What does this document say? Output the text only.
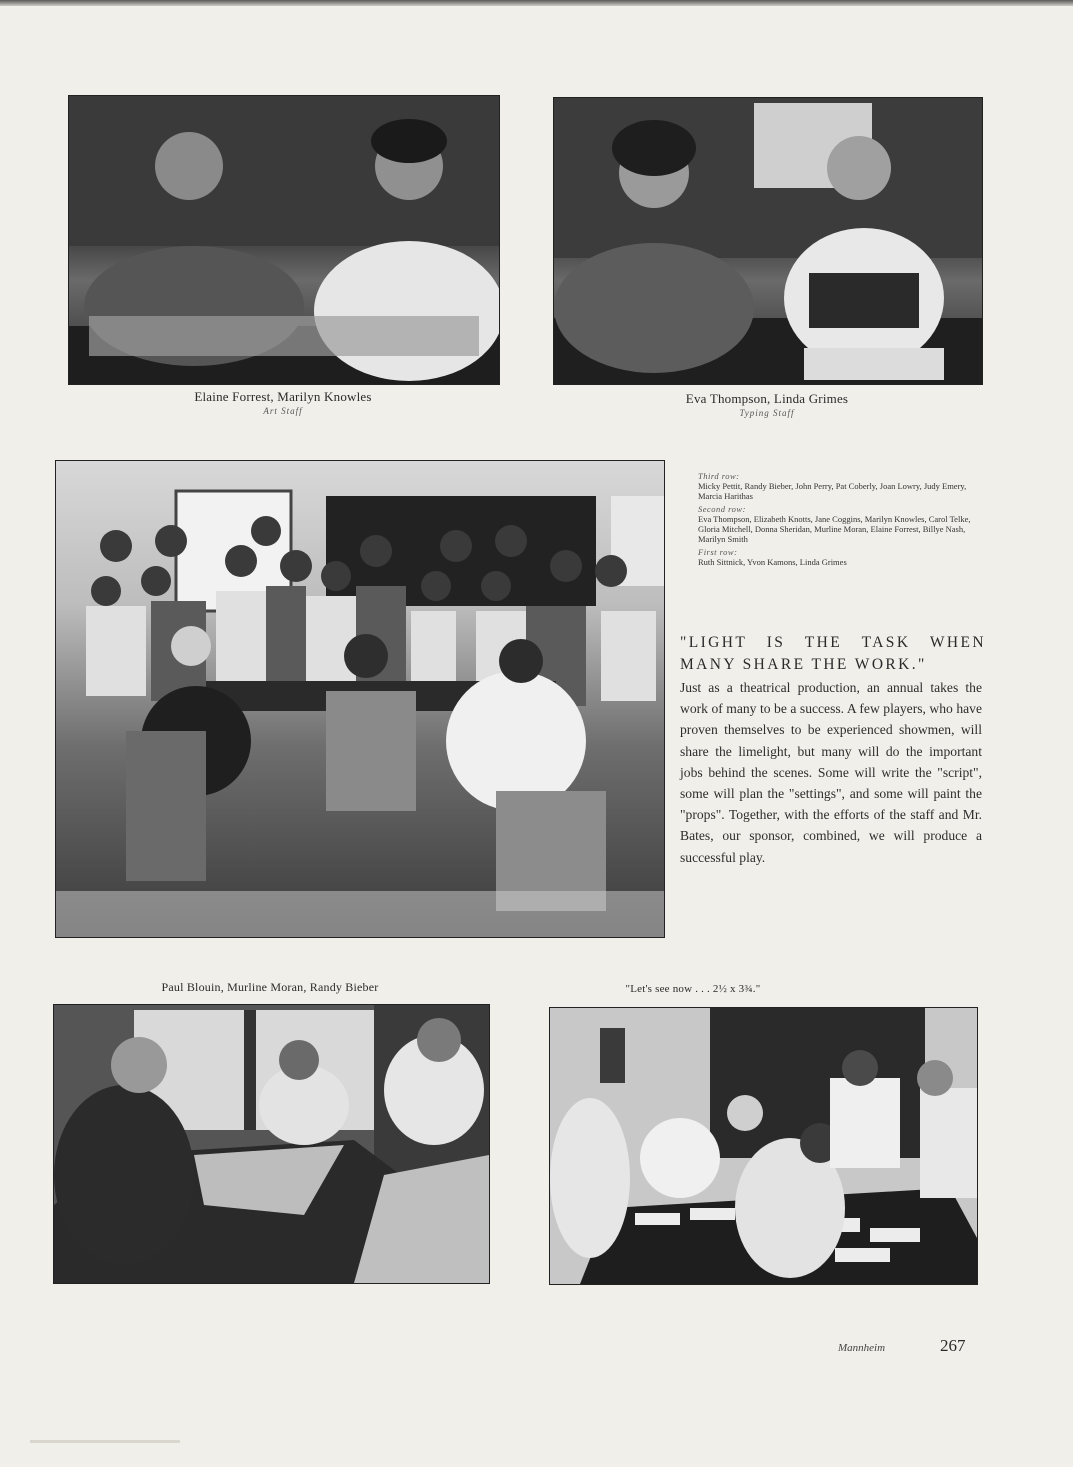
Elaine Forrest, Marilyn Knowles
Art Staff
Eva Thompson, Linda Grimes
Typing Staff
Third row:
Micky Pettit, Randy Bieber, John Perry, Pat Coberly, Joan Lowry, Judy Emery, Marcia Harithas
Second row:
Eva Thompson, Elizabeth Knotts, Jane Coggins, Marilyn Knowles, Carol Telke, Gloria Mitchell, Donna Sheridan, Murline Moran, Elaine Forrest, Billye Nash, Marilyn Smith
First row:
Ruth Sittnick, Yvon Kamons, Linda Grimes
"LIGHT IS THE TASK WHEN MANY SHARE THE WORK."
Just as a theatrical production, an annual takes the work of many to be a success. A few players, who have proven themselves to be experienced showmen, will share the limelight, but many will do the important jobs behind the scenes. Some will write the "script", some will plan the "settings", and some will paint the "props". Together, with the efforts of the staff and Mr. Bates, our sponsor, combined, we will produce a successful play.
Paul Blouin, Murline Moran, Randy Bieber	"Let's see now . . . 2½ x 3¾."
Mannheim	267
